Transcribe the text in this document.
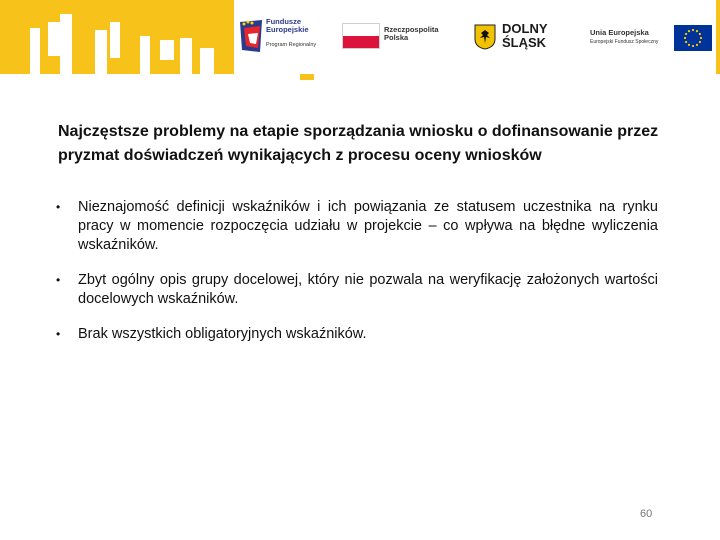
Fundusze
Europejskie
Program Regionalny
Rzeczpospolita
Polska
DOLNY
ŚLĄSK
Unia Europejska
Europejski Fundusz Społeczny
Najczęstsze problemy na etapie sporządzania wniosku o dofinansowanie przez pryzmat doświadczeń wynikających z procesu oceny wniosków
• Nieznajomość definicji wskaźników i ich powiązania ze statusem uczestnika na rynku pracy w momencie rozpoczęcia udziału w projekcie – co wpływa na błędne wyliczenia wskaźników.
• Zbyt ogólny opis grupy docelowej, który nie pozwala na weryfikację założonych wartości docelowych wskaźników.
• Brak wszystkich obligatoryjnych wskaźników.
60
